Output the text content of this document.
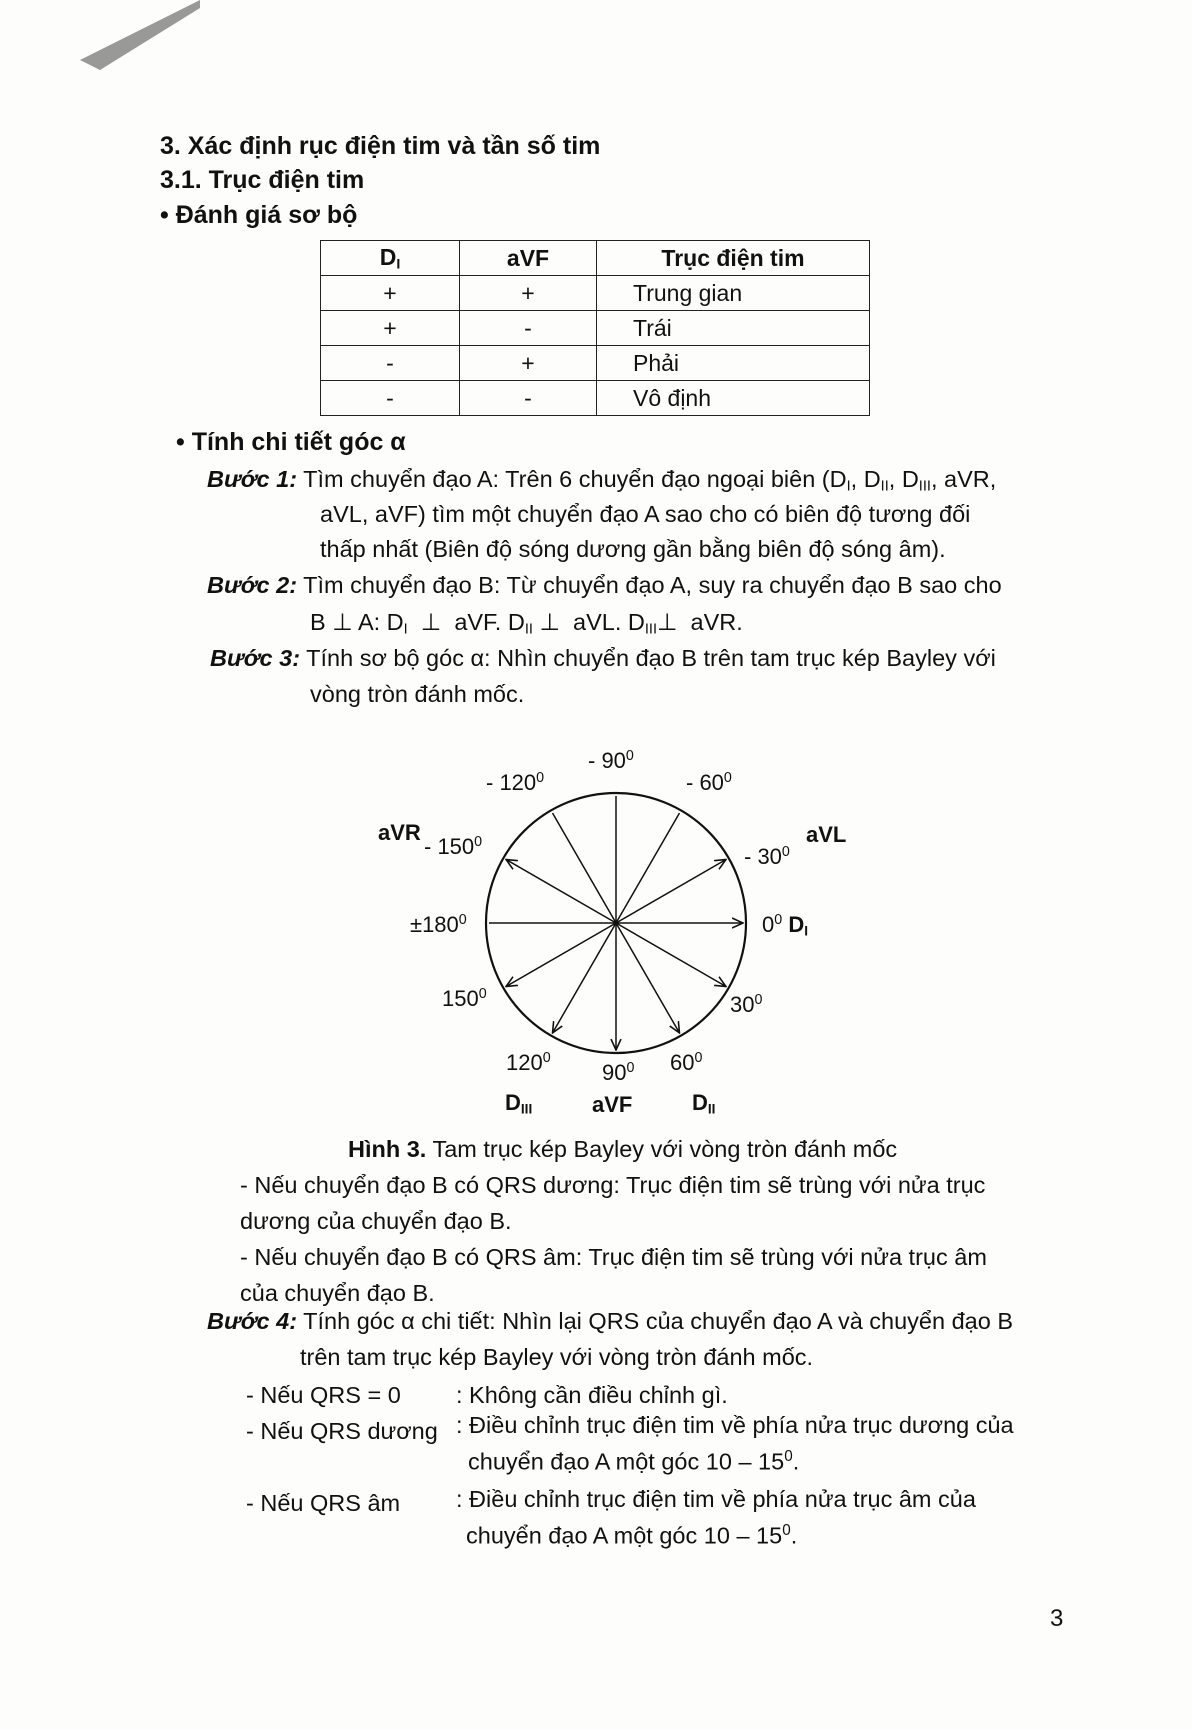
3. Xác định rục điện tim và tần số tim
3.1. Trục điện tim
• Đánh giá sơ bộ
$D_I$	aVF	Trục điện tim
+	+	Trung gian
+	-	Trái
-	+	Phải
-	-	Vô định
• Tính chi tiết góc α
Bước 1: Tìm chuyển đạo A: Trên 6 chuyển đạo ngoại biên ($D_I$, $D_{II}$, $D_{III}$, aVR,
aVL, aVF) tìm một chuyển đạo A sao cho có biên độ tương đối
thấp nhất (Biên độ sóng dương gần bằng biên độ sóng âm).
Bước 2: Tìm chuyển đạo B: Từ chuyển đạo A, suy ra chuyển đạo B sao cho
B ⊥ A: $D_I$ ⊥ aVF. $D_{II}$ ⊥ aVL. $D_{III}\perp$ aVR.
Bước 3: Tính sơ bộ góc α: Nhìn chuyển đạo B trên tam trục kép Bayley với
vòng tròn đánh mốc.
- $90^0$
- $120^0$	- $60^0$
aVR
- $150^0$
- $30^0$
aVL
$\pm 180^0$	$0^0$ $D_I$
$150^0$	$30^0$
$120^0$
$90^0$ $60^0$
$D_{III}$	aVF	$D_{II}$
Hình 3. Tam trục kép Bayley với vòng tròn đánh mốc
- Nếu chuyển đạo B có QRS dương: Trục điện tim sẽ trùng với nửa trục
dương của chuyển đạo B.
- Nếu chuyển đạo B có QRS âm: Trục điện tim sẽ trùng với nửa trục âm
của chuyển đạo B.
Bước 4: Tính góc α chi tiết: Nhìn lại QRS của chuyển đạo A và chuyển đạo B
trên tam trục kép Bayley với vòng tròn đánh mốc.
- Nếu QRS = 0 : Không cần điều chỉnh gì.
- Nếu QRS dương : Điều chỉnh trục điện tim về phía nửa trục dương của
chuyển đạo A một góc $10 - 15^0$.
- Nếu QRS âm : Điều chỉnh trục điện tim về phía nửa trục âm của
chuyển đạo A một góc $10 - 15^0$.
3
